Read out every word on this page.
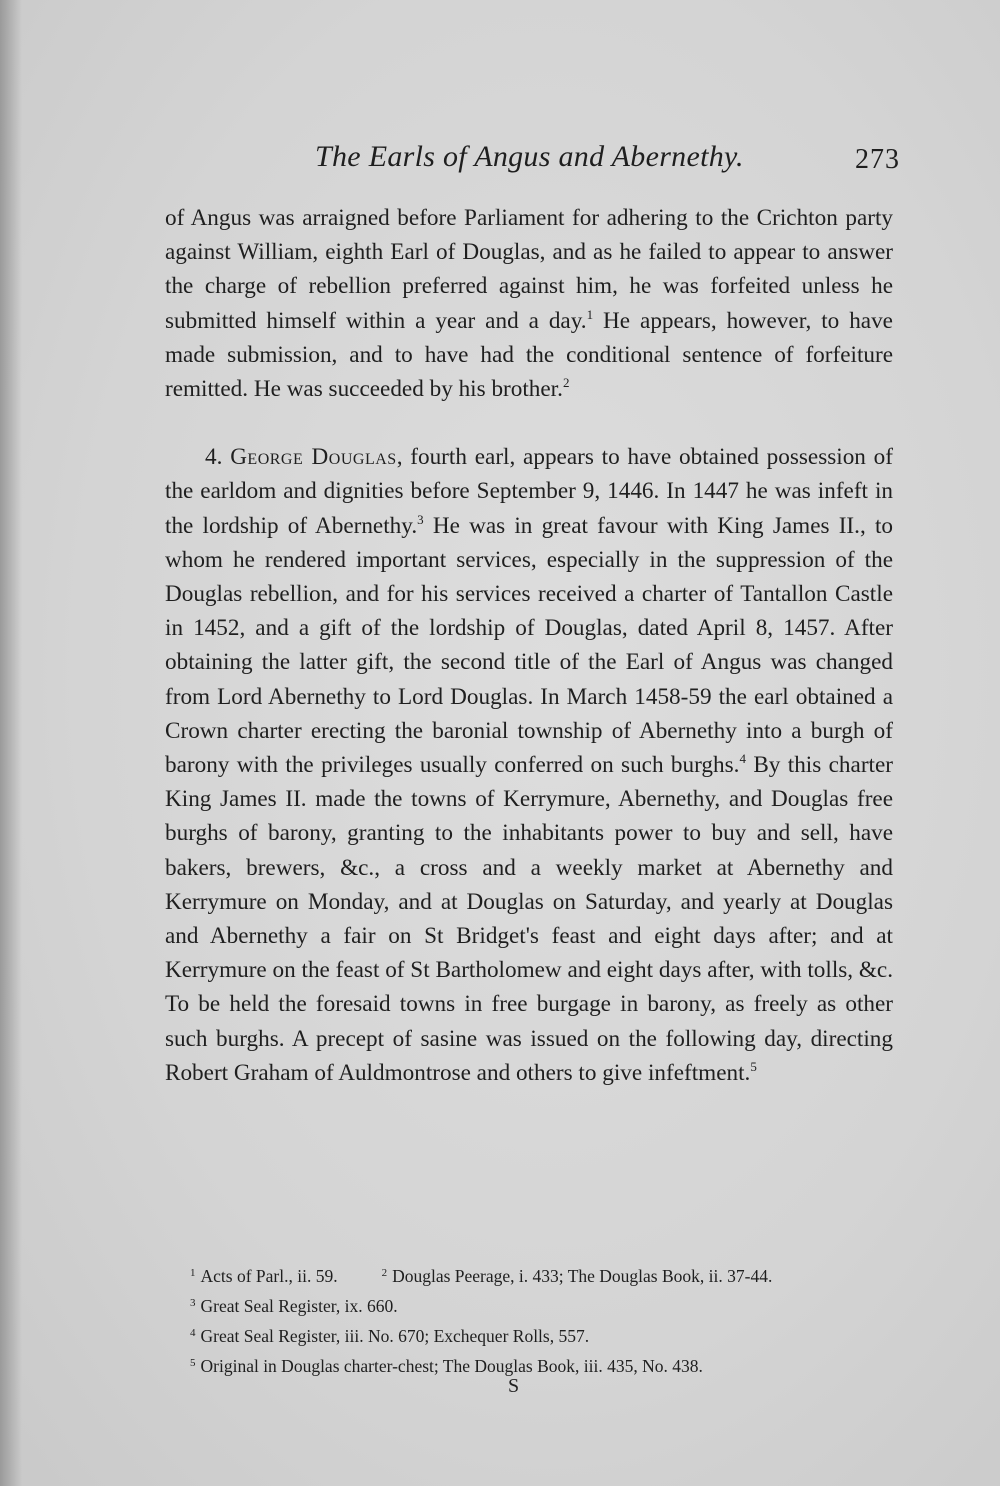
The Earls of Angus and Abernethy.	273

of Angus was arraigned before Parliament for adhering to the Crichton party against William, eighth Earl of Douglas, and as he failed to appear to answer the charge of rebellion preferred against him, he was forfeited unless he submitted himself within a year and a day.$^1$ He appears, however, to have made submission, and to have had the conditional sentence of forfeiture remitted. He was succeeded by his brother.$^2$

4. George Douglas, fourth earl, appears to have obtained possession of the earldom and dignities before September 9, 1446. In 1447 he was infeft in the lordship of Abernethy.$^3$ He was in great favour with King James II., to whom he rendered important services, especially in the suppression of the Douglas rebellion, and for his services received a charter of Tantallon Castle in 1452, and a gift of the lordship of Douglas, dated April 8, 1457. After obtaining the latter gift, the second title of the Earl of Angus was changed from Lord Abernethy to Lord Douglas. In March 1458-59 the earl obtained a Crown charter erecting the baronial township of Abernethy into a burgh of barony with the privileges usually conferred on such burghs.$^4$ By this charter King James II. made the towns of Kerrymure, Abernethy, and Douglas free burghs of barony, granting to the inhabitants power to buy and sell, have bakers, brewers, &c., a cross and a weekly market at Abernethy and Kerrymure on Monday, and at Douglas on Saturday, and yearly at Douglas and Abernethy a fair on St Bridget's feast and eight days after; and at Kerrymure on the feast of St Bartholomew and eight days after, with tolls, &c. To be held the foresaid towns in free burgage in barony, as freely as other such burghs. A precept of sasine was issued on the following day, directing Robert Graham of Auldmontrose and others to give infeftment.$^5$

$^1$ Acts of Parl., ii. 59.	$^2$ Douglas Peerage, i. 433; The Douglas Book, ii. 37-44.
$^3$ Great Seal Register, ix. 660.
$^4$ Great Seal Register, iii. No. 670; Exchequer Rolls, 557.
$^5$ Original in Douglas charter-chest; The Douglas Book, iii. 435, No. 438.
S
